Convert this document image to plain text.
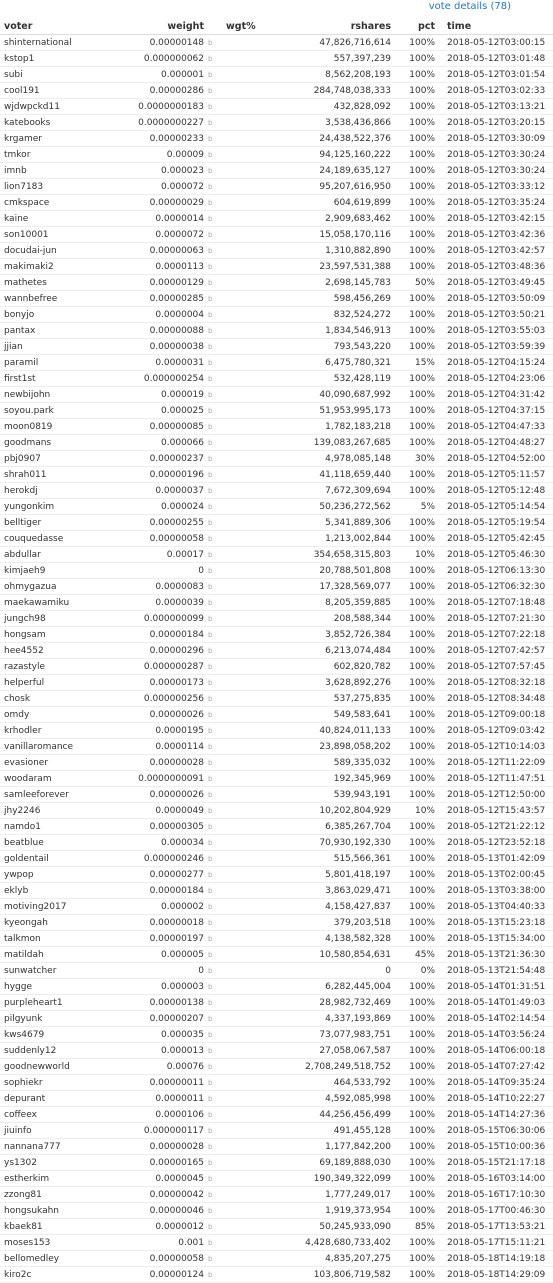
vote details (78)
voter	weight		wgt%	rshares	pct	time
shinternational	0.00000148	b		47,826,716,614	100%	2018-05-12T03:00:15
kstop1	0.000000062	b		557,397,239	100%	2018-05-12T03:01:48
subi	0.000001	b		8,562,208,193	100%	2018-05-12T03:01:54
cool191	0.00000286	b		284,748,038,333	100%	2018-05-12T03:02:33
wjdwpckd11	0.0000000183	b		432,828,092	100%	2018-05-12T03:13:21
katebooks	0.0000000227	b		3,538,436,866	100%	2018-05-12T03:20:15
krgamer	0.00000233	b		24,438,522,376	100%	2018-05-12T03:30:09
tmkor	0.00009	b		94,125,160,222	100%	2018-05-12T03:30:24
imnb	0.000023	b		24,189,635,127	100%	2018-05-12T03:30:24
lion7183	0.000072	b		95,207,616,950	100%	2018-05-12T03:33:12
cmkspace	0.00000029	b		604,619,899	100%	2018-05-12T03:35:24
kaine	0.0000014	b		2,909,683,462	100%	2018-05-12T03:42:15
son10001	0.0000072	b		15,058,170,116	100%	2018-05-12T03:42:36
docudai-jun	0.00000063	b		1,310,882,890	100%	2018-05-12T03:42:57
makimaki2	0.0000113	b		23,597,531,388	100%	2018-05-12T03:48:36
mathetes	0.00000129	b		2,698,145,783	50%	2018-05-12T03:49:45
wannbefree	0.00000285	b		598,456,269	100%	2018-05-12T03:50:09
bonyjo	0.0000004	b		832,524,272	100%	2018-05-12T03:50:21
pantax	0.00000088	b		1,834,546,913	100%	2018-05-12T03:55:03
jjian	0.00000038	b		793,543,220	100%	2018-05-12T03:59:39
paramil	0.0000031	b		6,475,780,321	15%	2018-05-12T04:15:24
first1st	0.000000254	b		532,428,119	100%	2018-05-12T04:23:06
newbijohn	0.000019	b		40,090,687,992	100%	2018-05-12T04:31:42
soyou.park	0.000025	b		51,953,995,173	100%	2018-05-12T04:37:15
moon0819	0.00000085	b		1,782,183,218	100%	2018-05-12T04:47:33
goodmans	0.000066	b		139,083,267,685	100%	2018-05-12T04:48:27
pbj0907	0.00000237	b		4,978,085,148	30%	2018-05-12T04:52:00
shrah011	0.00000196	b		41,118,659,440	100%	2018-05-12T05:11:57
herokdj	0.0000037	b		7,672,309,694	100%	2018-05-12T05:12:48
yungonkim	0.000024	b		50,236,272,562	5%	2018-05-12T05:14:54
belltiger	0.00000255	b		5,341,889,306	100%	2018-05-12T05:19:54
couquedasse	0.00000058	b		1,213,002,844	100%	2018-05-12T05:42:45
abdullar	0.00017	b		354,658,315,803	10%	2018-05-12T05:46:30
kimjaeh9	0	b		20,788,501,808	100%	2018-05-12T06:13:30
ohmygazua	0.0000083	b		17,328,569,077	100%	2018-05-12T06:32:30
maekawamiku	0.0000039	b		8,205,359,885	100%	2018-05-12T07:18:48
jungch98	0.000000099	b		208,588,344	100%	2018-05-12T07:21:30
hongsam	0.00000184	b		3,852,726,384	100%	2018-05-12T07:22:18
hee4552	0.00000296	b		6,213,074,484	100%	2018-05-12T07:42:57
razastyle	0.000000287	b		602,820,782	100%	2018-05-12T07:57:45
helperful	0.00000173	b		3,628,892,276	100%	2018-05-12T08:32:18
chosk	0.000000256	b		537,275,835	100%	2018-05-12T08:34:48
omdy	0.00000026	b		549,583,641	100%	2018-05-12T09:00:18
krhodler	0.0000195	b		40,824,011,133	100%	2018-05-12T09:03:42
vanillaromance	0.0000114	b		23,898,058,202	100%	2018-05-12T10:14:03
evasioner	0.00000028	b		589,335,032	100%	2018-05-12T11:22:09
woodaram	0.0000000091	b		192,345,969	100%	2018-05-12T11:47:51
samleeforever	0.00000026	b		539,943,191	100%	2018-05-12T12:50:00
jhy2246	0.0000049	b		10,202,804,929	10%	2018-05-12T15:43:57
namdo1	0.00000305	b		6,385,267,704	100%	2018-05-12T21:22:12
beatblue	0.000034	b		70,930,192,330	100%	2018-05-12T23:52:18
goldentail	0.000000246	b		515,566,361	100%	2018-05-13T01:42:09
ywpop	0.00000277	b		5,801,418,197	100%	2018-05-13T02:00:45
eklyb	0.00000184	b		3,863,029,471	100%	2018-05-13T03:38:00
motiving2017	0.000002	b		4,158,427,837	100%	2018-05-13T04:40:33
kyeongah	0.00000018	b		379,203,518	100%	2018-05-13T15:23:18
talkmon	0.00000197	b		4,138,582,328	100%	2018-05-13T15:34:00
matildah	0.000005	b		10,580,854,631	45%	2018-05-13T21:36:30
sunwatcher	0	b		0	0%	2018-05-13T21:54:48
hygge	0.000003	b		6,282,445,004	100%	2018-05-14T01:31:51
purpleheart1	0.00000138	b		28,982,732,469	100%	2018-05-14T01:49:03
pilgyunk	0.00000207	b		4,337,193,869	100%	2018-05-14T02:14:54
kws4679	0.000035	b		73,077,983,751	100%	2018-05-14T03:56:24
suddenly12	0.000013	b		27,058,067,587	100%	2018-05-14T06:00:18
goodnewworld	0.00076	b		2,708,249,518,752	100%	2018-05-14T07:27:42
sophiekr	0.00000011	b		464,533,792	100%	2018-05-14T09:35:24
depurant	0.0000011	b		4,592,085,998	100%	2018-05-14T10:22:27
coffeex	0.0000106	b		44,256,456,499	100%	2018-05-14T14:27:36
jiuinfo	0.000000117	b		491,455,128	100%	2018-05-15T06:30:06
nannana777	0.00000028	b		1,177,842,200	100%	2018-05-15T10:00:36
ys1302	0.00000165	b		69,189,888,030	100%	2018-05-15T21:17:18
estherkim	0.0000045	b		190,349,322,099	100%	2018-05-16T03:14:00
zzong81	0.00000042	b		1,777,249,017	100%	2018-05-16T17:10:30
hongsukahn	0.00000046	b		1,919,373,954	100%	2018-05-17T00:46:30
kbaek81	0.0000012	b		50,245,933,090	85%	2018-05-17T13:53:21
moses153	0.001	b		4,428,680,733,402	100%	2018-05-17T15:11:21
bellomedley	0.00000058	b		4,835,207,275	100%	2018-05-18T14:19:18
kiro2c	0.00000124	b		103,806,719,582	100%	2018-05-18T14:29:09
